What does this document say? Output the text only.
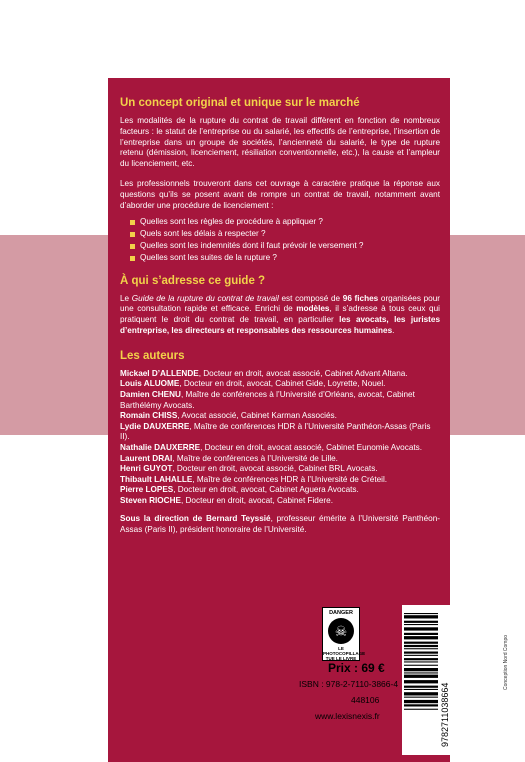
Un concept original et unique sur le marché

Les modalités de la rupture du contrat de travail diffèrent en fonction de nombreux facteurs : le statut de l’entreprise ou du salarié, les effectifs de l’entreprise, l’insertion de l’entreprise dans un groupe de sociétés, l’ancienneté du salarié, le type de rupture retenu (démission, licenciement, résiliation conventionnelle, etc.), la cause et l’ampleur du licenciement, etc.

Les professionnels trouveront dans cet ouvrage à caractère pratique la réponse aux questions qu’ils se posent avant de rompre un contrat de travail, notamment avant d’aborder une procédure de licenciement :

Quelles sont les règles de procédure à appliquer ?
Quels sont les délais à respecter ?
Quelles sont les indemnités dont il faut prévoir le versement ?
Quelles sont les suites de la rupture ?
À qui s’adresse ce guide ?

Le Guide de la rupture du contrat de travail est composé de 96 fiches organisées pour une consultation rapide et efficace. Enrichi de modèles, il s’adresse à tous ceux qui pratiquent le droit du contrat de travail, en particulier les avocats, les juristes d’entreprise, les directeurs et responsables des ressources humaines.

Les auteurs
Mickael D’ALLENDE, Docteur en droit, avocat associé, Cabinet Advant Altana.
Louis ALUOME, Docteur en droit, avocat, Cabinet Gide, Loyrette, Nouel.
Damien CHENU, Maître de conférences à l’Université d’Orléans, avocat, Cabinet Barthélémy Avocats.
Romain CHISS, Avocat associé, Cabinet Karman Associés.
Lydie DAUXERRE, Maître de conférences HDR à l’Université Panthéon-Assas (Paris II).
Nathalie DAUXERRE, Docteur en droit, avocat associé, Cabinet Eunomie Avocats.
Laurent DRAI, Maître de conférences à l’Université de Lille.
Henri GUYOT, Docteur en droit, avocat associé, Cabinet BRL Avocats.
Thibault LAHALLE, Maître de conférences HDR à l’Université de Créteil.
Pierre LOPES, Docteur en droit, avocat, Cabinet Aguera Avocats.
Steven RIOCHE, Docteur en droit, avocat, Cabinet Fidere.

Sous la direction de Bernard Teyssié, professeur émérite à l’Université Panthéon-Assas (Paris II), président honoraire de l’Université.

DANGER
☠
LE PHOTOCOPILLAGE TUE LE LIVRE
Prix : 69 €
ISBN : 978-2-7110-3866-4
448106
www.lexisnexis.fr	9782711038664
Conception Nord Compo
